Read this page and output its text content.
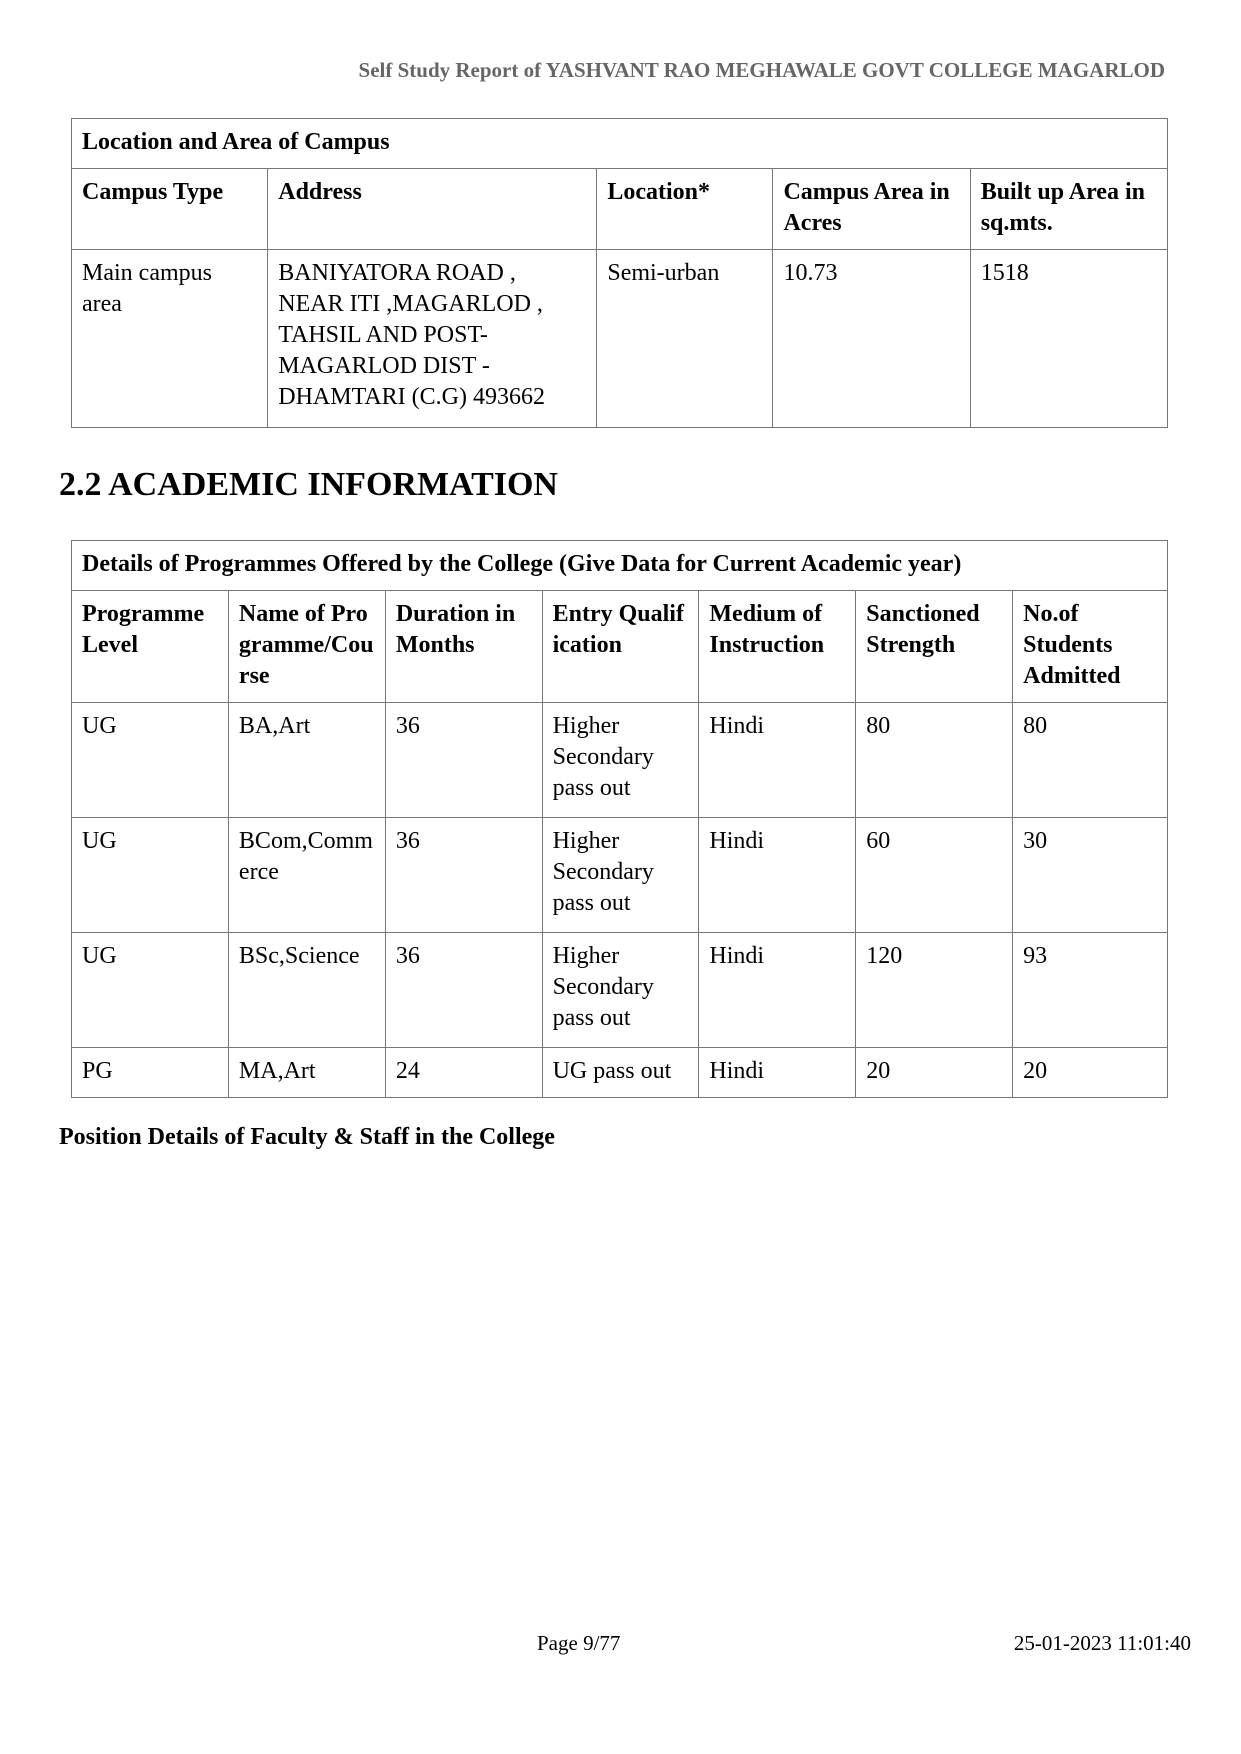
Self Study Report of YASHVANT RAO MEGHAWALE GOVT COLLEGE MAGARLOD
Location and Area of Campus				
Campus Type	Address	Location*	Campus Area in Acres	Built up Area in sq.mts.
Main campus area	BANIYATORA ROAD , NEAR ITI ,MAGARLOD , TAHSIL AND POST-MAGARLOD DIST - DHAMTARI (C.G) 493662	Semi-urban	10.73	1518
2.2 ACADEMIC INFORMATION
Details of Programmes Offered by the College (Give Data for Current Academic year)						
Programme Level	Name of Programme/Course	Duration in Months	Entry Qualification	Medium of Instruction	Sanctioned Strength	No.of Students Admitted
UG	BA,Art	36	Higher Secondary pass out	Hindi	80	80
UG	BCom,Commerce	36	Higher Secondary pass out	Hindi	60	30
UG	BSc,Science	36	Higher Secondary pass out	Hindi	120	93
PG	MA,Art	24	UG pass out	Hindi	20	20
Position Details of Faculty & Staff in the College
Page 9/77	25-01-2023 11:01:40
